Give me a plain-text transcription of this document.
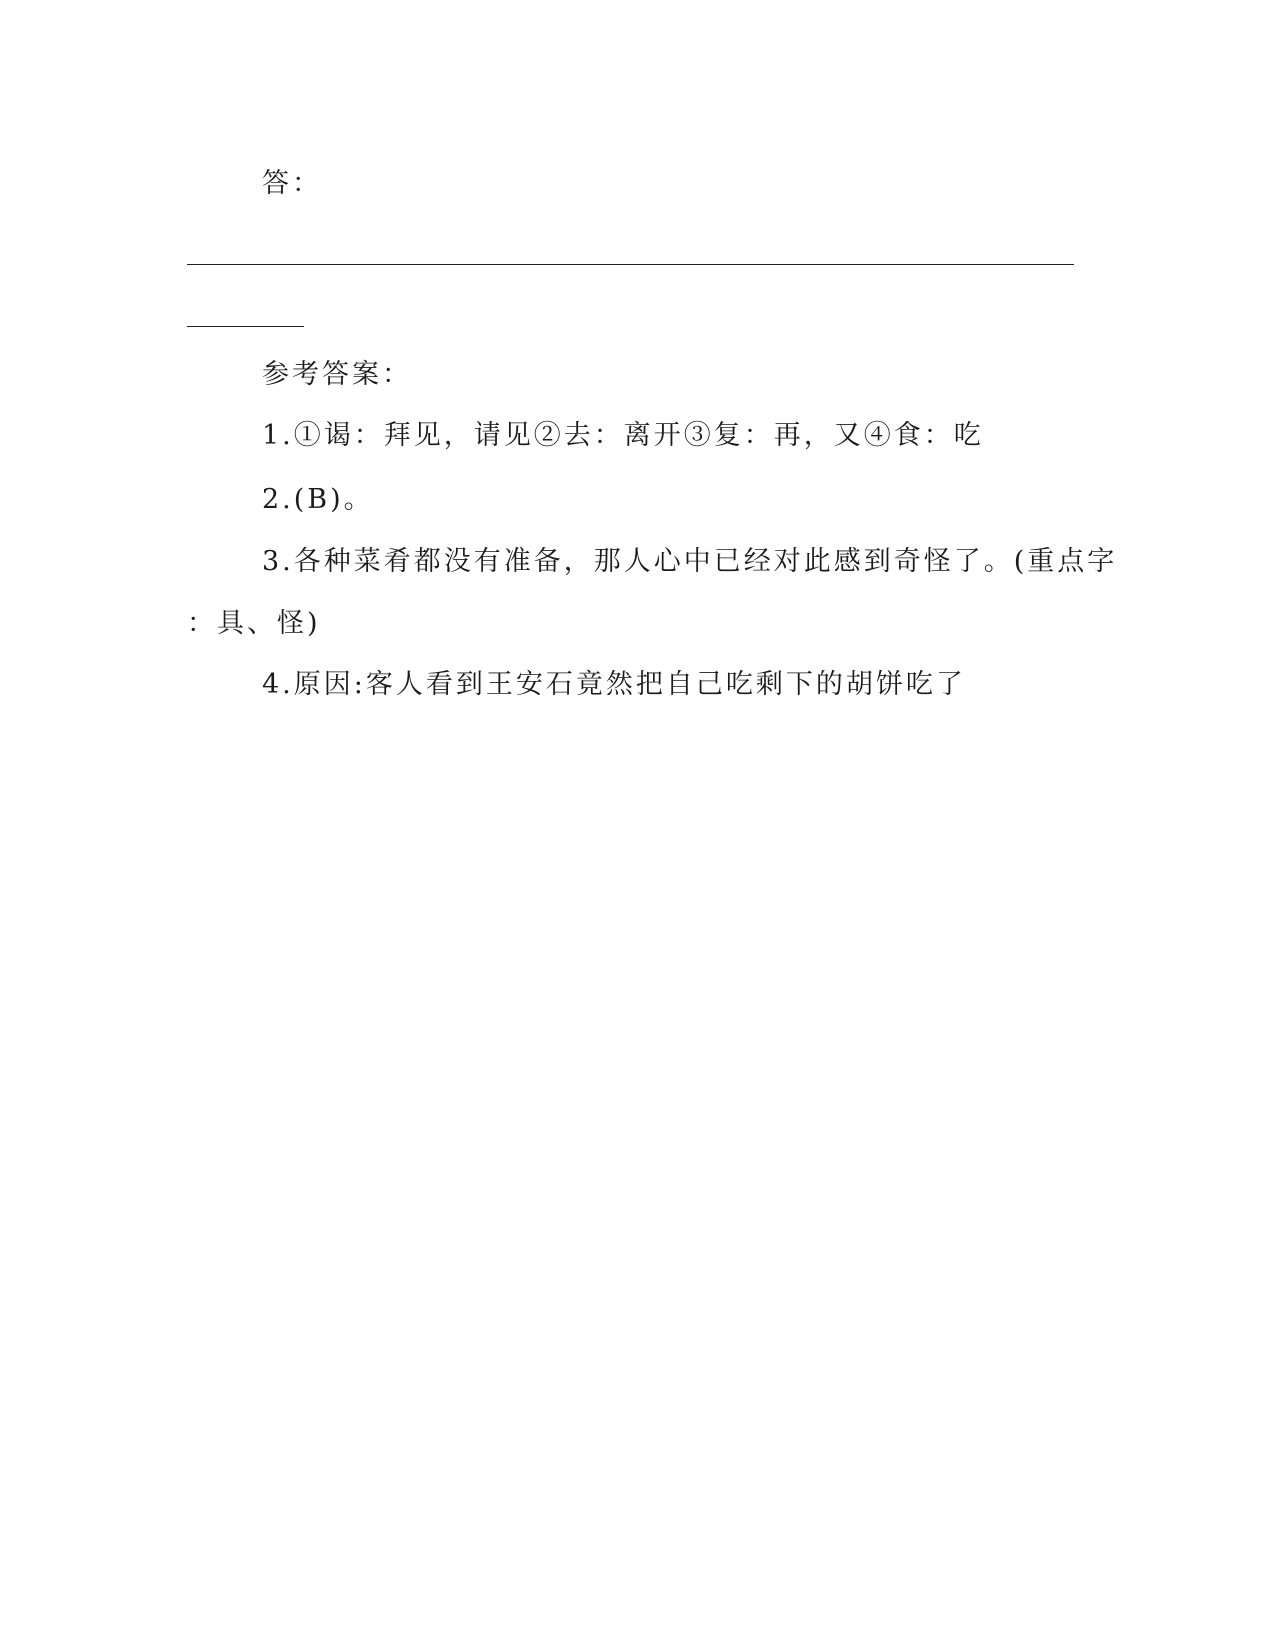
答：
参考答案：
1.①谒：拜见，请见②去：离开③复：再，又④食：吃
2.(B)。
3.各种菜肴都没有准备，那人心中已经对此感到奇怪了。(重点字
：具、怪)
4.原因:客人看到王安石竟然把自己吃剩下的胡饼吃了
